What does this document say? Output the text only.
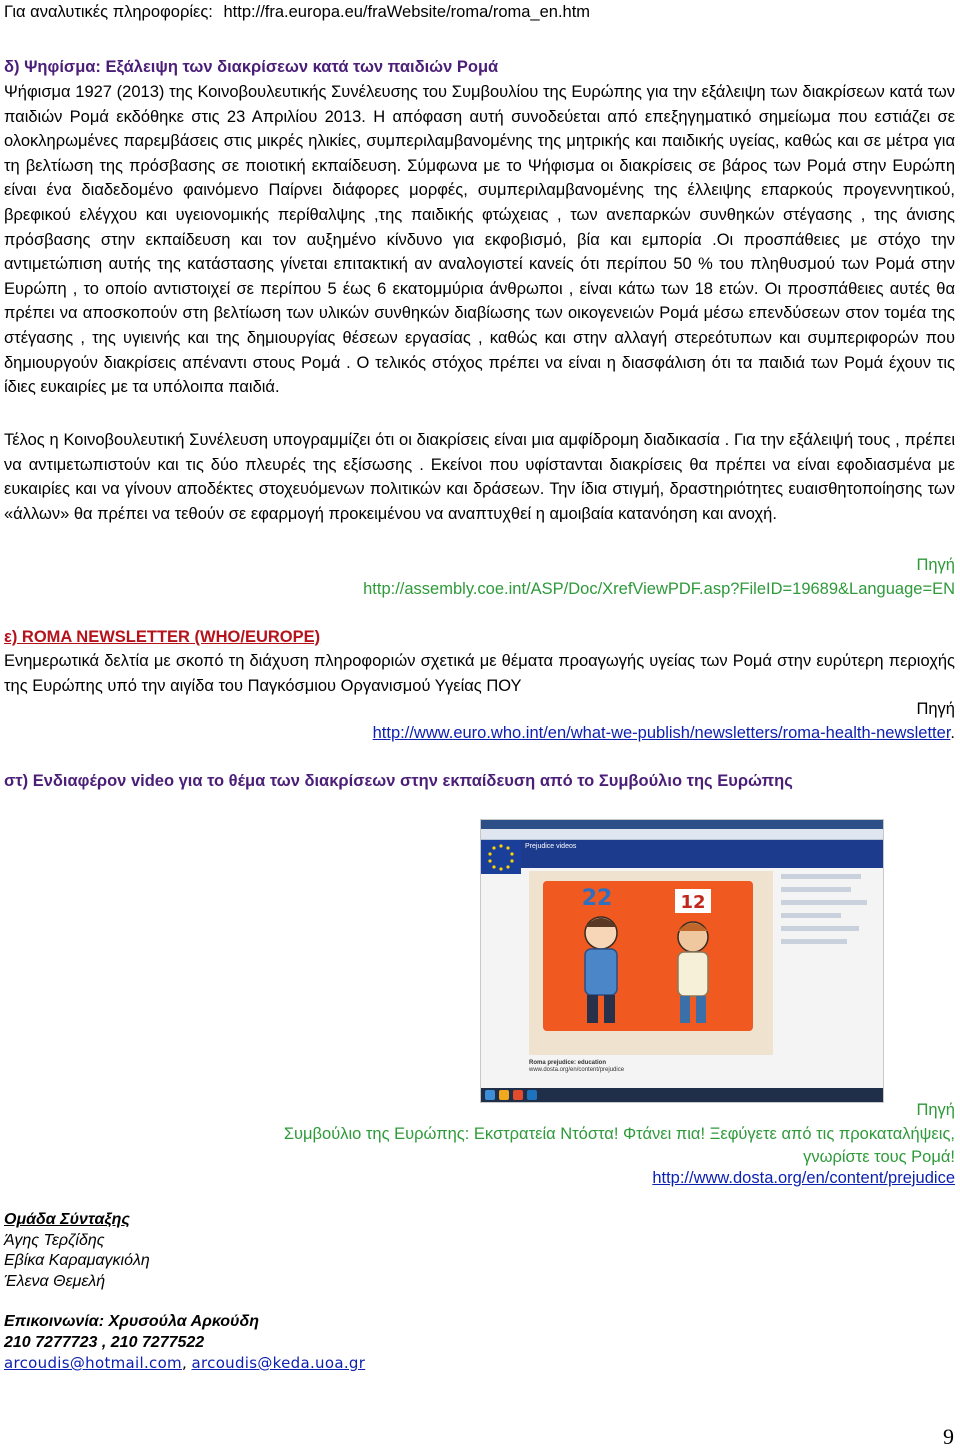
Για αναλυτικές πληροφορίες: http://fra.europa.eu/fraWebsite/roma/roma_en.htm
δ) Ψηφίσμα: Εξάλειψη των διακρίσεων κατά των παιδιών Ρομά

Ψήφισμα 1927 (2013) της Κοινοβουλευτικής Συνέλευσης του Συμβουλίου της Ευρώπης για την εξάλειψη των διακρίσεων κατά των παιδιών Ρομά εκδόθηκε στις 23 Απριλίου 2013. Η απόφαση αυτή συνοδεύεται από επεξηγηματικό σημείωμα που εστιάζει σε ολοκληρωμένες παρεμβάσεις στις μικρές ηλικίες, συμπεριλαμβανομένης της μητρικής και παιδικής υγείας, καθώς και σε μέτρα για τη βελτίωση της πρόσβασης σε ποιοτική εκπαίδευση. Σύμφωνα με το Ψήφισμα οι διακρίσεις σε βάρος των Ρομά στην Ευρώπη είναι ένα διαδεδομένο φαινόμενο Παίρνει διάφορες μορφές, συμπεριλαμβανομένης της έλλειψης επαρκούς προγεννητικού, βρεφικού ελέγχου και υγειονομικής περίθαλψης ,της παιδικής φτώχειας , των ανεπαρκών συνθηκών στέγασης , της άνισης πρόσβασης στην εκπαίδευση και τον αυξημένο κίνδυνο για εκφοβισμό, βία και εμπορία .Οι προσπάθειες με στόχο την αντιμετώπιση αυτής της κατάστασης γίνεται επιτακτική αν αναλογιστεί κανείς ότι περίπου 50 % του πληθυσμού των Ρομά στην Ευρώπη , το οποίο αντιστοιχεί σε περίπου 5 έως 6 εκατομμύρια άνθρωποι , είναι κάτω των 18 ετών. Οι προσπάθειες αυτές θα πρέπει να αποσκοπούν στη βελτίωση των υλικών συνθηκών διαβίωσης των οικογενειών Ρομά μέσω επενδύσεων στον τομέα της στέγασης , της υγιεινής και της δημιουργίας θέσεων εργασίας , καθώς και στην αλλαγή στερεότυπων και συμπεριφορών που δημιουργούν διακρίσεις απέναντι στους Ρομά . Ο τελικός στόχος πρέπει να είναι η διασφάλιση ότι τα παιδιά των Ρομά έχουν τις ίδιες ευκαιρίες με τα υπόλοιπα παιδιά.

Τέλος η Κοινοβουλευτική Συνέλευση υπογραμμίζει ότι οι διακρίσεις είναι μια αμφίδρομη διαδικασία . Για την εξάλειψή τους , πρέπει να αντιμετωπιστούν και τις δύο πλευρές της εξίσωσης . Εκείνοι που υφίστανται διακρίσεις θα πρέπει να είναι εφοδιασμένα με ευκαιρίες και να γίνουν αποδέκτες στοχευόμενων πολιτικών και δράσεων. Την ίδια στιγμή, δραστηριότητες ευαισθητοποίησης των «άλλων» θα πρέπει να τεθούν σε εφαρμογή προκειμένου να αναπτυχθεί η αμοιβαία κατανόηση και ανοχή.

Πηγή
http://assembly.coe.int/ASP/Doc/XrefViewPDF.asp?FileID=19689&Language=EN
ε) ROMA NEWSLETTER (WHO/EUROPE)

Ενημερωτικά δελτία με σκοπό τη διάχυση πληροφοριών σχετικά με θέματα προαγωγής υγείας των Ρομά στην ευρύτερη περιοχής της Ευρώπης υπό την αιγίδα του Παγκόσμιου Οργανισμού Υγείας ΠΟΥ

Πηγή
http://www.euro.who.int/en/what-we-publish/newsletters/roma-health-newsletter.
στ) Ενδιαφέρον video για το θέμα των διακρίσεων στην εκπαίδευση από το Συμβούλιο της Ευρώπης
Prejudice videos
22	12
Roma prejudice: education
www.dosta.org/en/content/prejudice
Πηγή
Συμβούλιο της Ευρώπης: Εκστρατεία Ντόστα! Φτάνει πια! Ξεφύγετε από τις προκαταλήψεις,
γνωρίστε τους Ρομά!
http://www.dosta.org/en/content/prejudice
Ομάδα Σύνταξης
Άγης Τερζίδης
Εβίκα Καραμαγκιόλη
Έλενα Θεμελή
Επικοινωνία: Χρυσούλα Αρκούδη
210 7277723 , 210 7277522
arcoudis@hotmail.com, arcoudis@keda.uoa.gr
9
